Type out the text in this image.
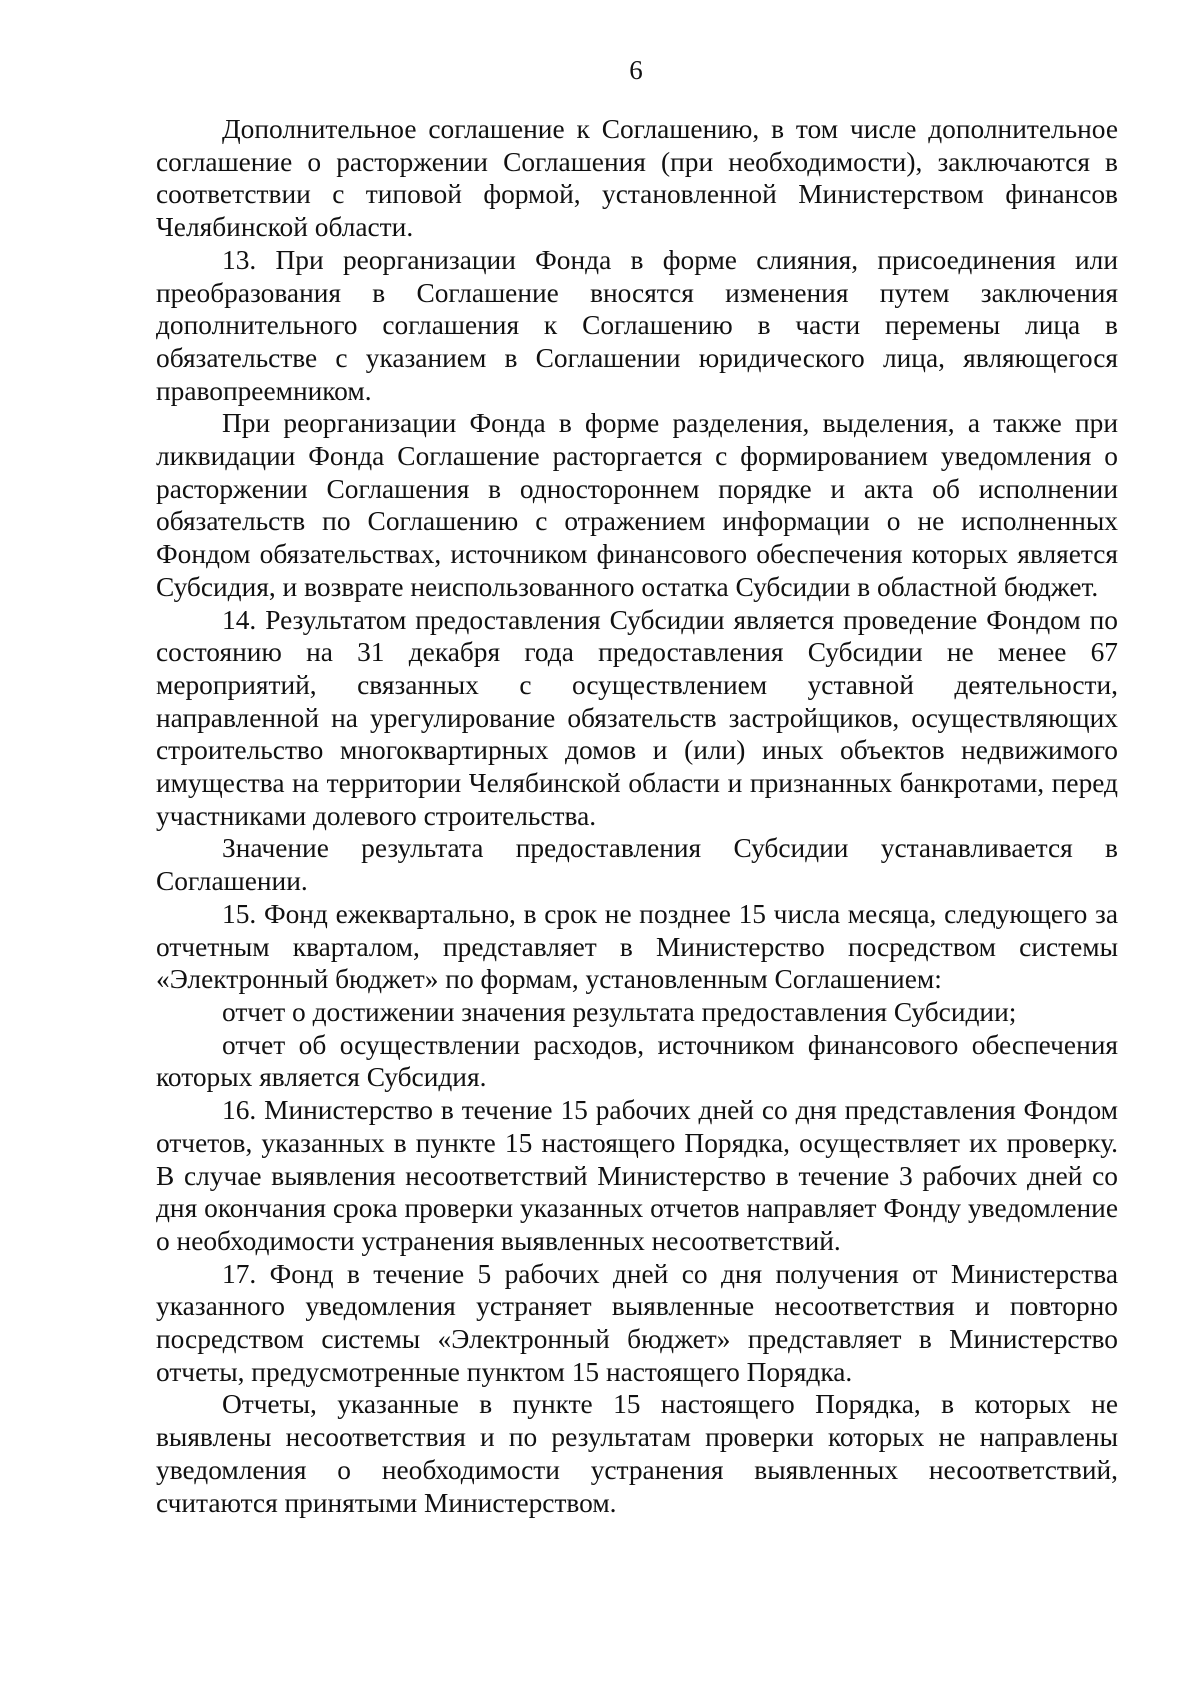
6

Дополнительное соглашение к Соглашению, в том числе дополнительное соглашение о расторжении Соглашения (при необходимости), заключаются в соответствии с типовой формой, установленной Министерством финансов Челябинской области.

13. При реорганизации Фонда в форме слияния, присоединения или преобразования в Соглашение вносятся изменения путем заключения дополнительного соглашения к Соглашению в части перемены лица в обязательстве с указанием в Соглашении юридического лица, являющегося правопреемником.

При реорганизации Фонда в форме разделения, выделения, а также при ликвидации Фонда Соглашение расторгается с формированием уведомления о расторжении Соглашения в одностороннем порядке и акта об исполнении обязательств по Соглашению с отражением информации о не исполненных Фондом обязательствах, источником финансового обеспечения которых является Субсидия, и возврате неиспользованного остатка Субсидии в областной бюджет.

14. Результатом предоставления Субсидии является проведение Фондом по состоянию на 31 декабря года предоставления Субсидии не менее 67 мероприятий, связанных с осуществлением уставной деятельности, направленной на урегулирование обязательств застройщиков, осуществляющих строительство многоквартирных домов и (или) иных объектов недвижимого имущества на территории Челябинской области и признанных банкротами, перед участниками долевого строительства.

Значение результата предоставления Субсидии устанавливается в Соглашении.

15. Фонд ежеквартально, в срок не позднее 15 числа месяца, следующего за отчетным кварталом, представляет в Министерство посредством системы «Электронный бюджет» по формам, установленным Соглашением:

отчет о достижении значения результата предоставления Субсидии;

отчет об осуществлении расходов, источником финансового обеспечения которых является Субсидия.

16. Министерство в течение 15 рабочих дней со дня представления Фондом отчетов, указанных в пункте 15 настоящего Порядка, осуществляет их проверку. В случае выявления несоответствий Министерство в течение 3 рабочих дней со дня окончания срока проверки указанных отчетов направляет Фонду уведомление о необходимости устранения выявленных несоответствий.

17. Фонд в течение 5 рабочих дней со дня получения от Министерства указанного уведомления устраняет выявленные несоответствия и повторно посредством системы «Электронный бюджет» представляет в Министерство отчеты, предусмотренные пунктом 15 настоящего Порядка.

Отчеты, указанные в пункте 15 настоящего Порядка, в которых не выявлены несоответствия и по результатам проверки которых не направлены уведомления о необходимости устранения выявленных несоответствий, считаются принятыми Министерством.
